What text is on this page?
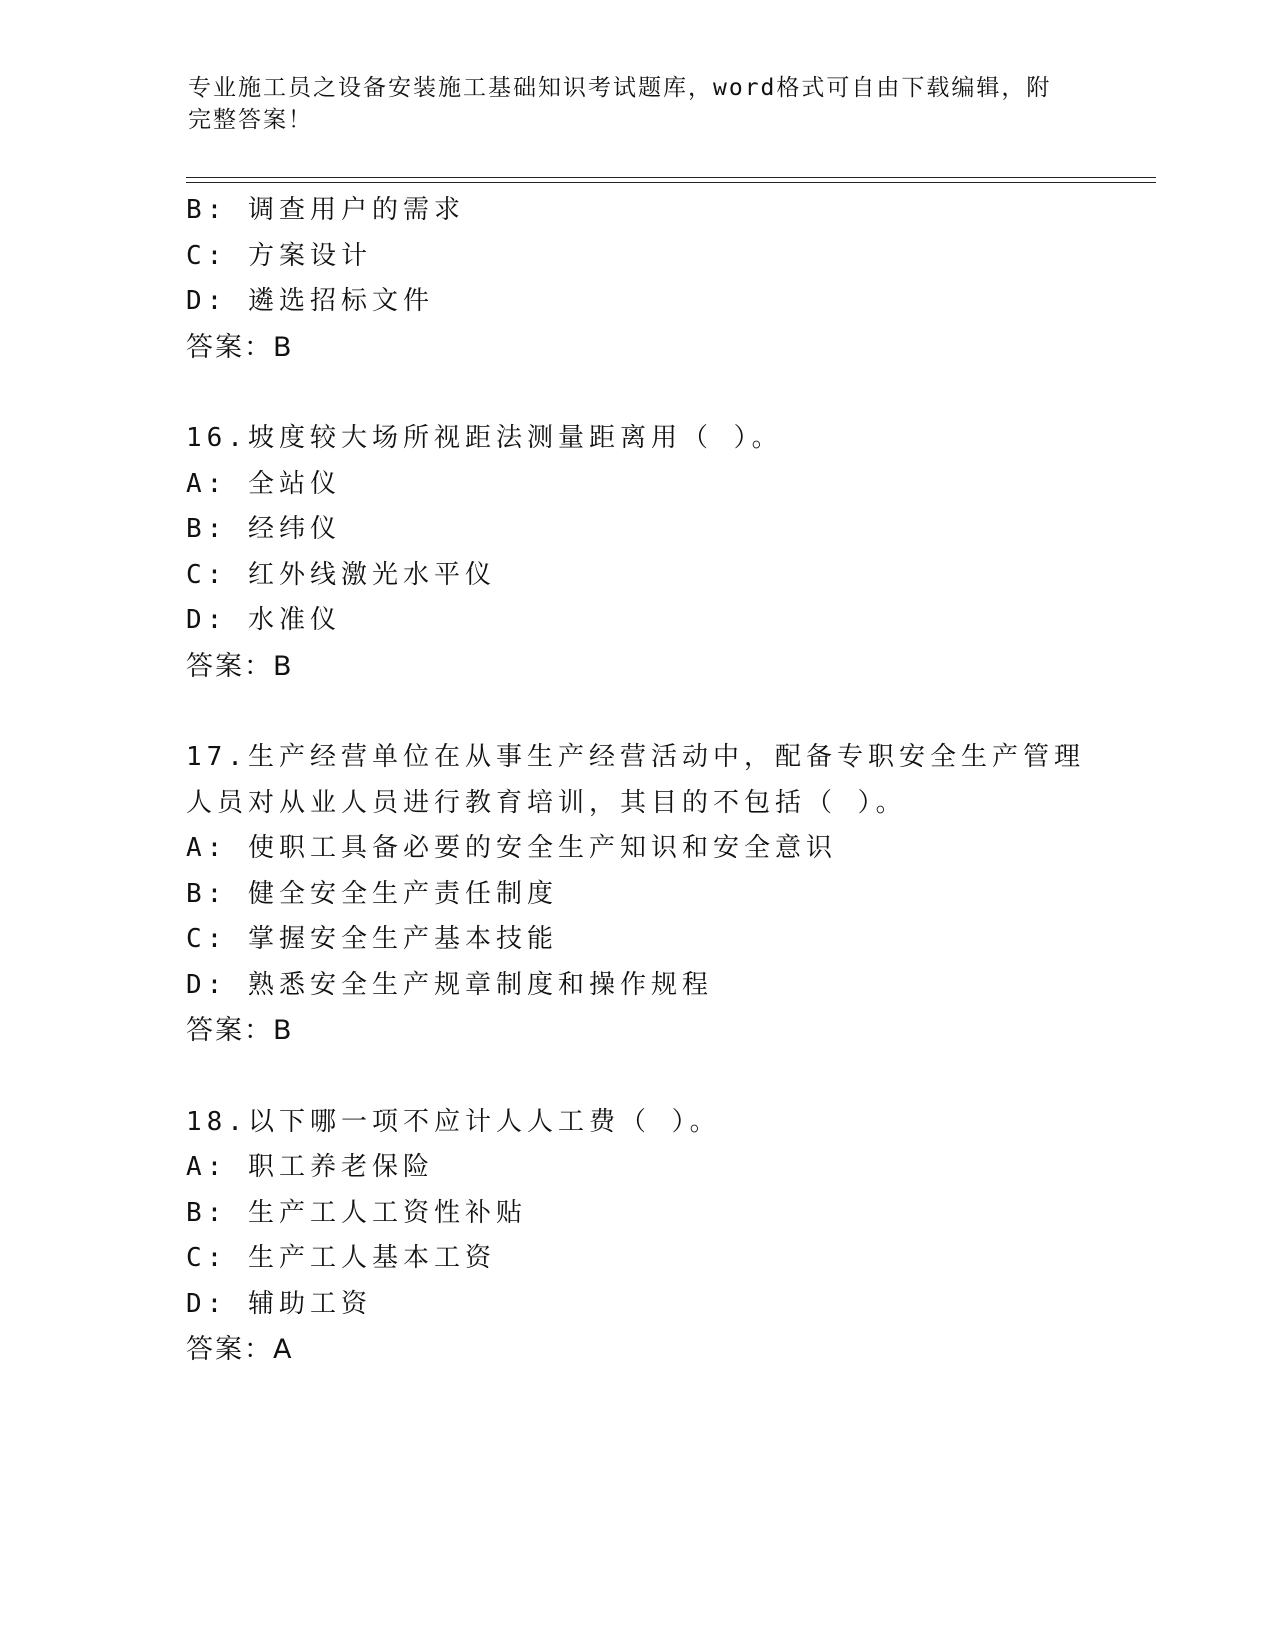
专业施工员之设备安装施工基础知识考试题库，word格式可自由下载编辑，附完整答案！
B: 调查用户的需求
C: 方案设计
D: 遴选招标文件
答案：B
16.坡度较大场所视距法测量距离用（ ）。
A: 全站仪
B: 经纬仪
C: 红外线激光水平仪
D: 水准仪
答案：B
17.生产经营单位在从事生产经营活动中，配备专职安全生产管理人员对从业人员进行教育培训，其目的不包括（ ）。
A: 使职工具备必要的安全生产知识和安全意识
B: 健全安全生产责任制度
C: 掌握安全生产基本技能
D: 熟悉安全生产规章制度和操作规程
答案：B
18.以下哪一项不应计人人工费（ ）。
A: 职工养老保险
B: 生产工人工资性补贴
C: 生产工人基本工资
D: 辅助工资
答案：A
